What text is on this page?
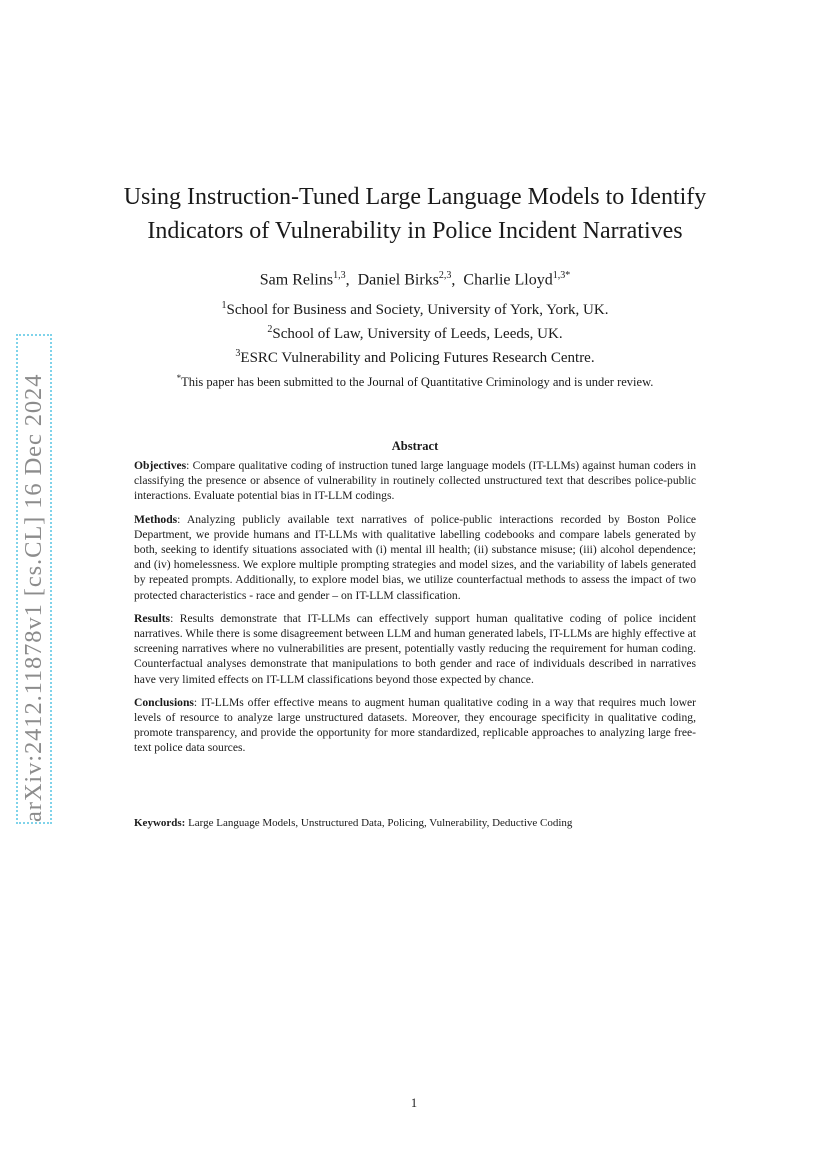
arXiv:2412.11878v1 [cs.CL] 16 Dec 2024
Using Instruction-Tuned Large Language Models to Identify
Indicators of Vulnerability in Police Incident Narratives
Sam Relins$^{1,3}$,  Daniel Birks$^{2,3}$,  Charlie Lloyd$^{1,3*}$
$^1$School for Business and Society, University of York, York, UK.
$^2$School of Law, University of Leeds, Leeds, UK.
$^3$ESRC Vulnerability and Policing Futures Research Centre.
*This paper has been submitted to the Journal of Quantitative Criminology and is under review.
Abstract

Objectives: Compare qualitative coding of instruction tuned large language models (IT-LLMs) against human coders in classifying the presence or absence of vulnerability in routinely collected unstructured text that describes police-public interactions. Evaluate potential bias in IT-LLM codings.

Methods: Analyzing publicly available text narratives of police-public interactions recorded by Boston Police Department, we provide humans and IT-LLMs with qualitative labelling codebooks and compare labels generated by both, seeking to identify situations associated with (i) mental ill health; (ii) substance misuse; (iii) alcohol dependence; and (iv) homelessness. We explore multiple prompting strategies and model sizes, and the variability of labels generated by repeated prompts. Additionally, to explore model bias, we utilize counterfactual methods to assess the impact of two protected characteristics - race and gender – on IT-LLM classification.

Results: Results demonstrate that IT-LLMs can effectively support human qualitative coding of police incident narratives. While there is some disagreement between LLM and human generated labels, IT-LLMs are highly effective at screening narratives where no vulnerabilities are present, potentially vastly reducing the requirement for human coding. Counterfactual analyses demonstrate that manipulations to both gender and race of individuals described in narratives have very limited effects on IT-LLM classifications beyond those expected by chance.

Conclusions: IT-LLMs offer effective means to augment human qualitative coding in a way that requires much lower levels of resource to analyze large unstructured datasets. Moreover, they encourage specificity in qualitative coding, promote transparency, and provide the opportunity for more standardized, replicable approaches to analyzing large free-text police data sources.

Keywords: Large Language Models, Unstructured Data, Policing, Vulnerability, Deductive Coding
1
